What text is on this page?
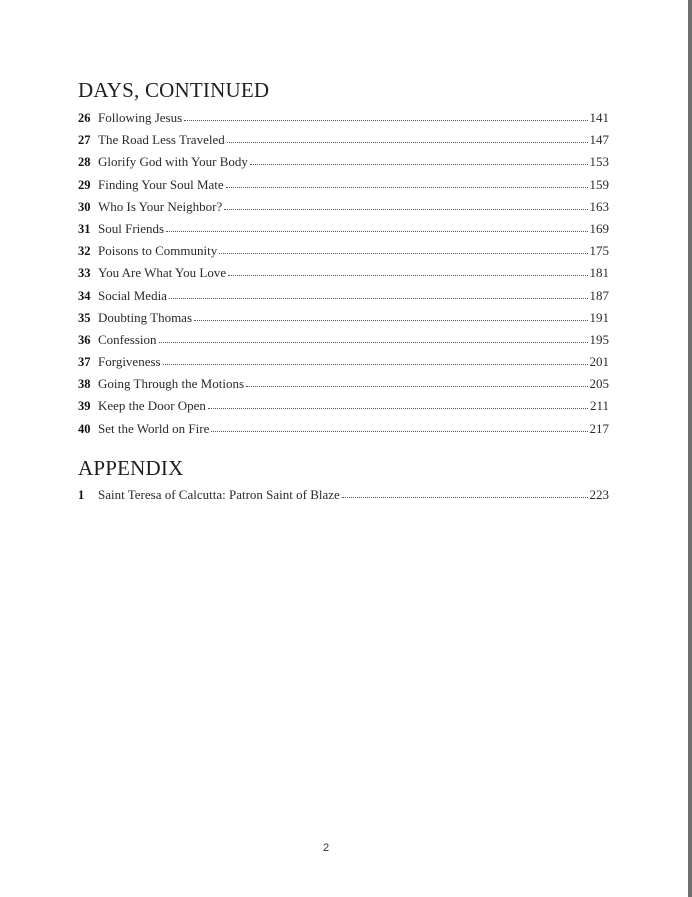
DAYS, CONTINUED
26 Following Jesus	141
27 The Road Less Traveled	147
28 Glorify God with Your Body	153
29 Finding Your Soul Mate	159
30 Who Is Your Neighbor?	163
31 Soul Friends	169
32 Poisons to Community	175
33 You Are What You Love	181
34 Social Media	187
35 Doubting Thomas	191
36 Confession	195
37 Forgiveness	201
38 Going Through the Motions	205
39 Keep the Door Open	211
40 Set the World on Fire	217
APPENDIX
1	Saint Teresa of Calcutta: Patron Saint of Blaze	223
2
